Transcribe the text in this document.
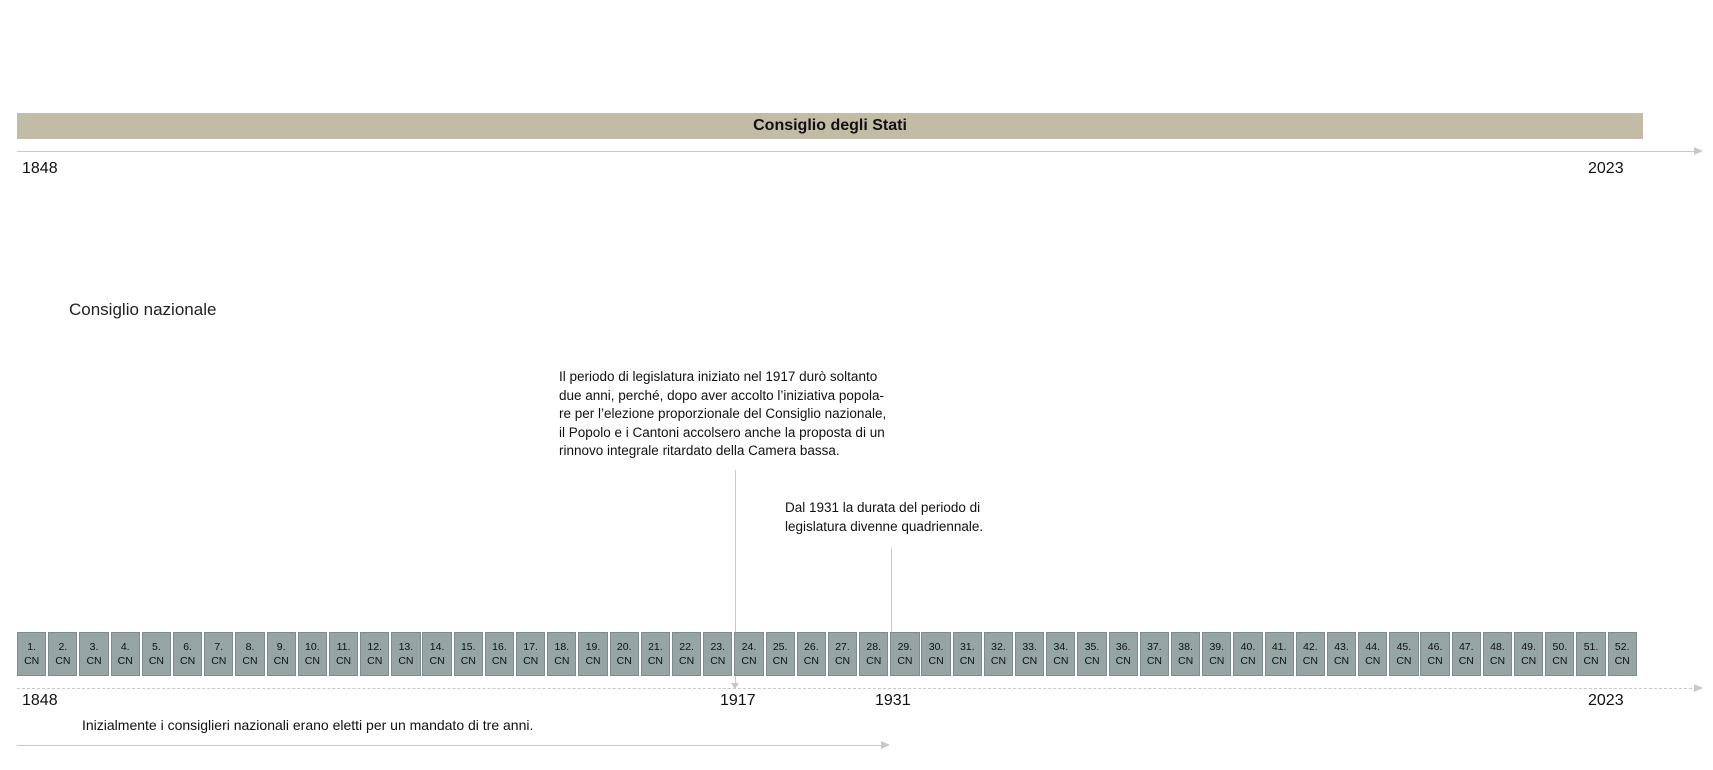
Consiglio degli Stati
1848	2023
Consiglio nazionale
Il periodo di legislatura iniziato nel 1917 durò soltanto
due anni, perché, dopo aver accolto l’iniziativa popola-
re per l’elezione proporzionale del Consiglio nazionale,
il Popolo e i Cantoni accolsero anche la proposta di un
rinnovo integrale ritardato della Camera bassa.
Dal 1931 la durata del periodo di
legislatura divenne quadriennale.
1.
CN
2.
CN
3.
CN
4.
CN
5.
CN
6.
CN
7.
CN
8.
CN
9.
CN
10.
CN
11.
CN
12.
CN
13.
CN
14.
CN
15.
CN
16.
CN
17.
CN
18.
CN
19.
CN
20.
CN
21.
CN
22.
CN
23.
CN
24.
CN
25.
CN
26.
CN
27.
CN
28.
CN
29.
CN
30.
CN
31.
CN
32.
CN
33.
CN
34.
CN
35.
CN
36.
CN
37.
CN
38.
CN
39.
CN
40.
CN
41.
CN
42.
CN
43.
CN
44.
CN
45.
CN
46.
CN
47.
CN
48.
CN
49.
CN
50.
CN
51.
CN
52.
CN
1848	1917	1931	2023
Inizialmente i consiglieri nazionali erano eletti per un mandato di tre anni.
